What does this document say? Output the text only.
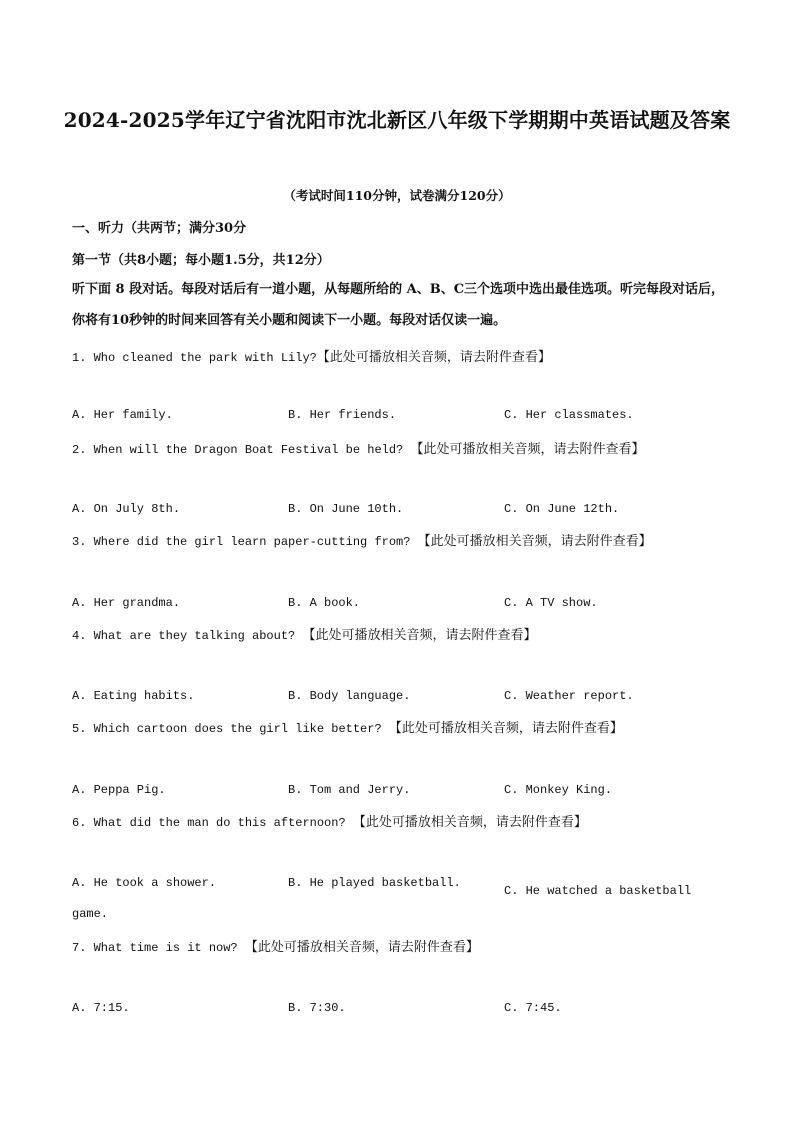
2024-2025学年辽宁省沈阳市沈北新区八年级下学期期中英语试题及答案
（考试时间110分钟，试卷满分120分）
一、听力（共两节；满分30分
第一节（共8小题；每小题1.5分，共12分）
听下面 8 段对话。每段对话后有一道小题，从每题所给的 A、B、C三个选项中选出最佳选项。听完每段对话后，你将有10秒钟的时间来回答有关小题和阅读下一小题。每段对话仅读一遍。
1. Who cleaned the park with Lily?【此处可播放相关音频，请去附件查看】
A. Her family.	B. Her friends.	C. Her classmates.
2. When will the Dragon Boat Festival be held? 【此处可播放相关音频，请去附件查看】
A. On July 8th.	B. On June 10th.	C. On June 12th.
3. Where did the girl learn paper-cutting from? 【此处可播放相关音频，请去附件查看】
A. Her grandma.	B. A book.	C. A TV show.
4. What are they talking about? 【此处可播放相关音频，请去附件查看】
A. Eating habits.	B. Body language.	C. Weather report.
5. Which cartoon does the girl like better? 【此处可播放相关音频，请去附件查看】
A. Peppa Pig.	B. Tom and Jerry.	C. Monkey King.
6. What did the man do this afternoon? 【此处可播放相关音频，请去附件查看】
A. He took a shower.	B. He played basketball.
C. He watched a basketball
7. What time is it now? 【此处可播放相关音频，请去附件查看】
A. 7:15.	B. 7:30.	C. 7:45.
game.
